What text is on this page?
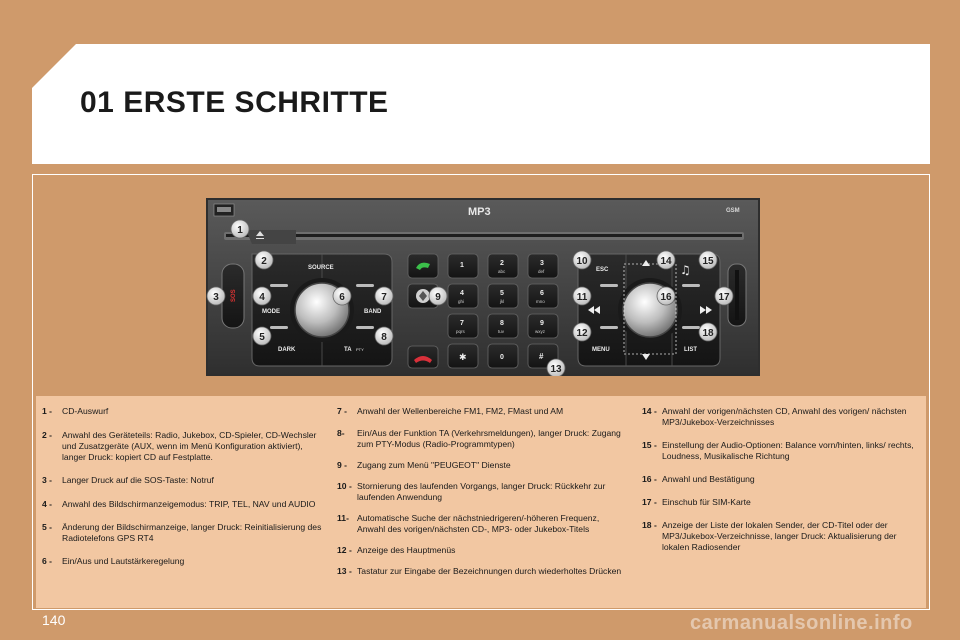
01 ERSTE SCHRITTE
MP3	GSM
SOS
SOURCE
MODE	BAND
DARK	TA PTY
1	2
abc
3
def
4
ghi
5
jkl
6
mno
7
pqrs
8
tuv
9
wxyz
✱	0	#
ESC
MENU	LIST
♫
1
2
3	4
5
6	7
8
9
10
11
12
13
14	15
16	17
18
1 -	CD-Auswurf
2 -	Anwahl des Geräteteils: Radio, Jukebox, CD-Spieler, CD-Wechsler und Zusatzgeräte (AUX, wenn im Menü Konfiguration aktiviert), langer Druck: kopiert CD auf Festplatte.
3 -	Langer Druck auf die SOS-Taste: Notruf
4 -	Anwahl des Bildschirmanzeigemodus: TRIP, TEL, NAV und AUDIO
5 -	Änderung der Bildschirmanzeige, langer Druck: Reinitialisierung des Radiotelefons GPS RT4
6 -	Ein/Aus und Lautstärkeregelung
7 -	Anwahl der Wellenbereiche FM1, FM2, FMast und AM
8-	Ein/Aus der Funktion TA (Verkehrsmeldungen), langer Druck: Zugang zum PTY-Modus (Radio-Programmtypen)
9 -	Zugang zum Menü "PEUGEOT" Dienste
10 - Stornierung des laufenden Vorgangs, langer Druck: Rückkehr zur laufenden Anwendung
11- Automatische Suche der nächstniedrigeren/-höheren Frequenz, Anwahl des vorigen/nächsten CD-, MP3- oder Jukebox-Titels
12 - Anzeige des Hauptmenüs
13 - Tastatur zur Eingabe der Bezeichnungen durch wiederholtes Drücken
14 - Anwahl der vorigen/nächsten CD, Anwahl des vorigen/ nächsten MP3/Jukebox-Verzeichnisses
15 - Einstellung der Audio-Optionen: Balance vorn/hinten, links/ rechts, Loudness, Musikalische Richtung
16 - Anwahl und Bestätigung
17 - Einschub für SIM-Karte
18 - Anzeige der Liste der lokalen Sender, der CD-Titel oder der MP3/Jukebox-Verzeichnisse, langer Druck: Aktualisierung der lokalen Radiosender
140	carmanualsonline.info
